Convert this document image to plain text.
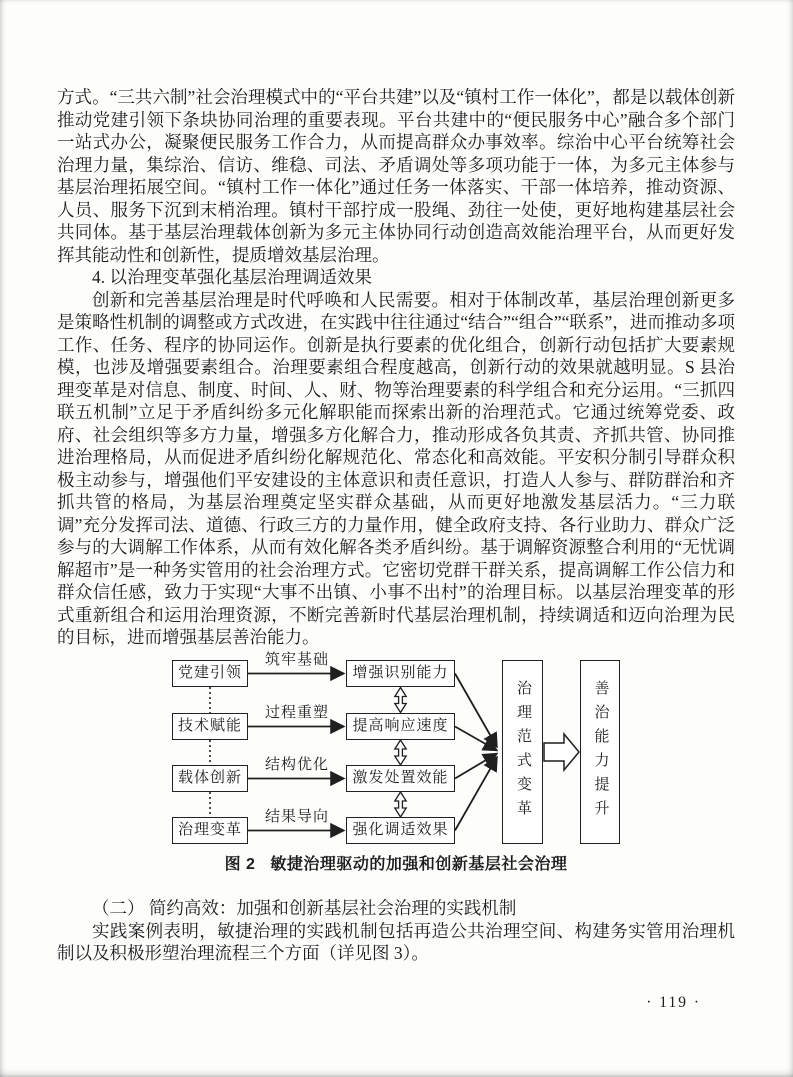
方式。“三共六制”社会治理模式中的“平台共建”以及“镇村工作一体化”，都是以载体创新推动党建引领下条块协同治理的重要表现。平台共建中的“便民服务中心”融合多个部门一站式办公，凝聚便民服务工作合力，从而提高群众办事效率。综治中心平台统筹社会治理力量，集综治、信访、维稳、司法、矛盾调处等多项功能于一体，为多元主体参与基层治理拓展空间。“镇村工作一体化”通过任务一体落实、干部一体培养，推动资源、人员、服务下沉到末梢治理。镇村干部拧成一股绳、劲往一处使，更好地构建基层社会共同体。基于基层治理载体创新为多元主体协同行动创造高效能治理平台，从而更好发挥其能动性和创新性，提质增效基层治理。

4. 以治理变革强化基层治理调适效果

创新和完善基层治理是时代呼唤和人民需要。相对于体制改革，基层治理创新更多是策略性机制的调整或方式改进，在实践中往往通过“结合”“组合”“联系”，进而推动多项工作、任务、程序的协同运作。创新是执行要素的优化组合，创新行动包括扩大要素规模，也涉及增强要素组合。治理要素组合程度越高，创新行动的效果就越明显。S 县治理变革是对信息、制度、时间、人、财、物等治理要素的科学组合和充分运用。“三抓四联五机制”立足于矛盾纠纷多元化解职能而探索出新的治理范式。它通过统筹党委、政府、社会组织等多方力量，增强多方化解合力，推动形成各负其责、齐抓共管、协同推进治理格局，从而促进矛盾纠纷化解规范化、常态化和高效能。平安积分制引导群众积极主动参与，增强他们平安建设的主体意识和责任意识，打造人人参与、群防群治和齐抓共管的格局，为基层治理奠定坚实群众基础，从而更好地激发基层活力。“三力联调”充分发挥司法、道德、行政三方的力量作用，健全政府支持、各行业助力、群众广泛参与的大调解工作体系，从而有效化解各类矛盾纠纷。基于调解资源整合利用的“无忧调解超市”是一种务实管用的社会治理方式。它密切党群干群关系，提高调解工作公信力和群众信任感，致力于实现“大事不出镇、小事不出村”的治理目标。以基层治理变革的形式重新组合和运用治理资源，不断完善新时代基层治理机制，持续调适和迈向治理为民的目标，进而增强基层善治能力。

党建引领
技术赋能
载体创新
治理变革
筑牢基础
过程重塑
结构优化
结果导向
增强识别能力
提高响应速度
激发处置效能
强化调适效果
治理范式变革	善治能力提升
图 2 敏捷治理驱动的加强和创新基层社会治理

（二） 简约高效：加强和创新基层社会治理的实践机制

实践案例表明，敏捷治理的实践机制包括再造公共治理空间、构建务实管用治理机制以及积极形塑治理流程三个方面（详见图 3）。

· 119 ·
